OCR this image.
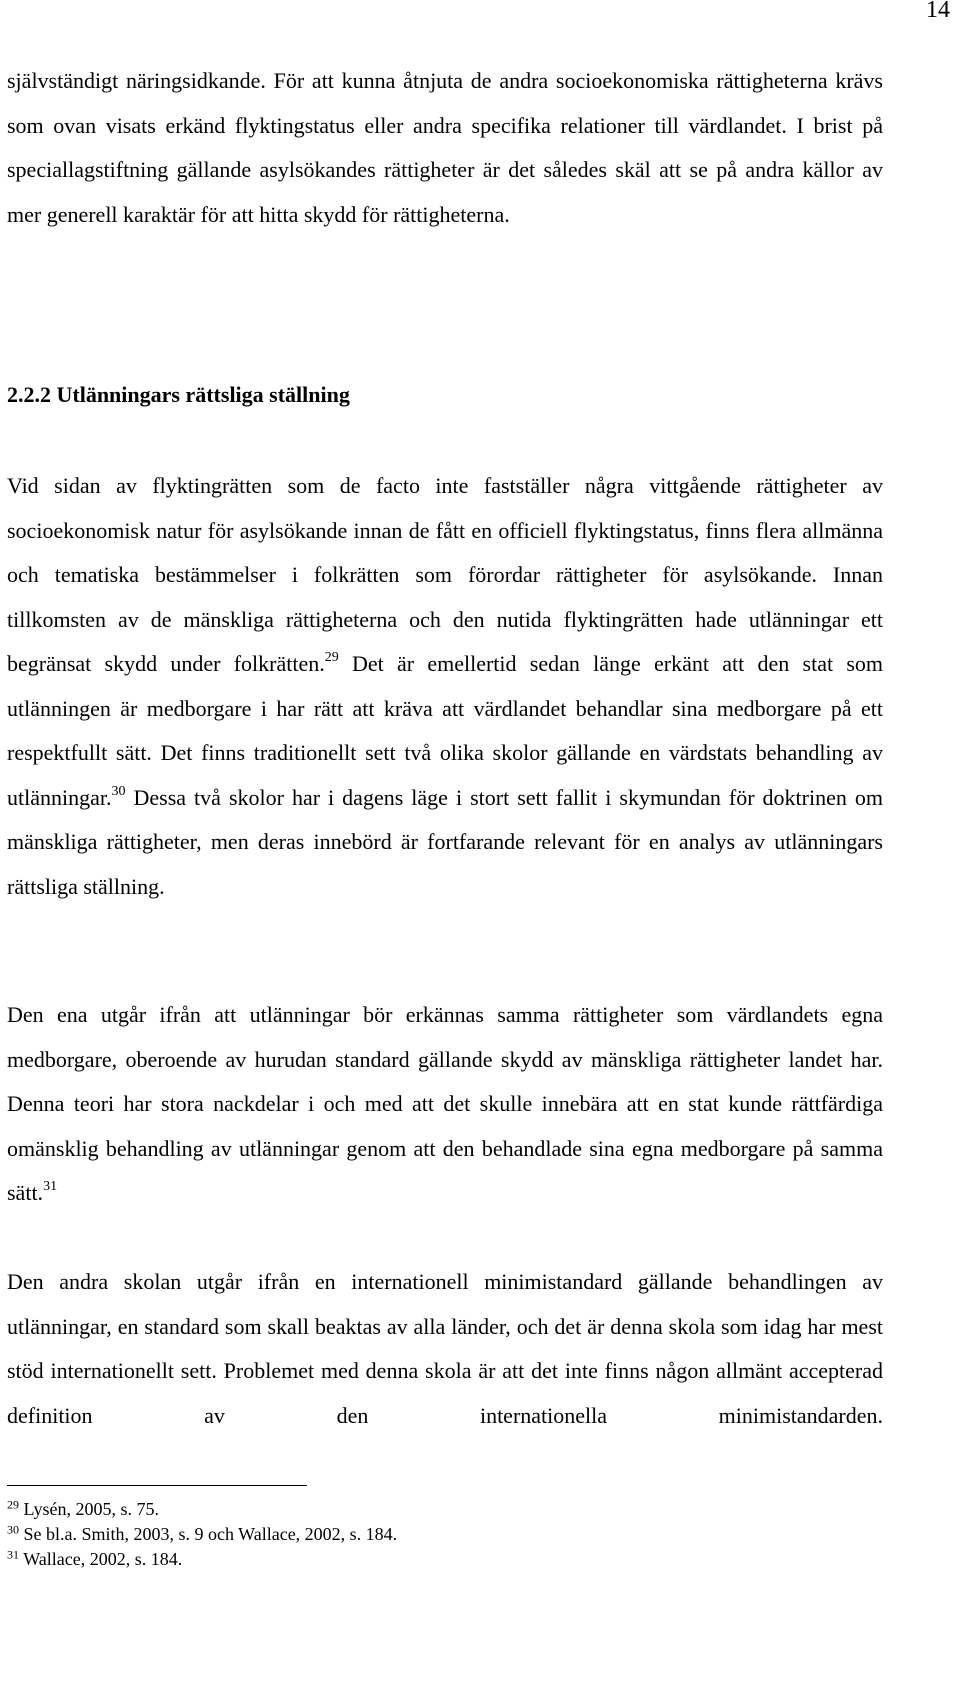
14

självständigt näringsidkande. För att kunna åtnjuta de andra socioekonomiska rättigheterna krävs som ovan visats erkänd flyktingstatus eller andra specifika relationer till värdlandet. I brist på speciallagstiftning gällande asylsökandes rättigheter är det således skäl att se på andra källor av mer generell karaktär för att hitta skydd för rättigheterna.

2.2.2 Utlänningars rättsliga ställning

Vid sidan av flyktingrätten som de facto inte fastställer några vittgående rättigheter av socioekonomisk natur för asylsökande innan de fått en officiell flyktingstatus, finns flera allmänna och tematiska bestämmelser i folkrätten som förordar rättigheter för asylsökande. Innan tillkomsten av de mänskliga rättigheterna och den nutida flyktingrätten hade utlänningar ett begränsat skydd under folkrätten.$^{29}$ Det är emellertid sedan länge erkänt att den stat som utlänningen är medborgare i har rätt att kräva att värdlandet behandlar sina medborgare på ett respektfullt sätt. Det finns traditionellt sett två olika skolor gällande en värdstats behandling av utlänningar.$^{30}$ Dessa två skolor har i dagens läge i stort sett fallit i skymundan för doktrinen om mänskliga rättigheter, men deras innebörd är fortfarande relevant för en analys av utlänningars rättsliga ställning.

Den ena utgår ifrån att utlänningar bör erkännas samma rättigheter som värdlandets egna medborgare, oberoende av hurudan standard gällande skydd av mänskliga rättigheter landet har. Denna teori har stora nackdelar i och med att det skulle innebära att en stat kunde rättfärdiga omänsklig behandling av utlänningar genom att den behandlade sina egna medborgare på samma sätt.$^{31}$

Den andra skolan utgår ifrån en internationell minimistandard gällande behandlingen av utlänningar, en standard som skall beaktas av alla länder, och det är denna skola som idag har mest stöd internationellt sett. Problemet med denna skola är att det inte finns någon allmänt accepterad definition av den internationella minimistandarden.

$^{29}$ Lysén, 2005, s. 75.
$^{30}$ Se bl.a. Smith, 2003, s. 9 och Wallace, 2002, s. 184.
$^{31}$ Wallace, 2002, s. 184.
